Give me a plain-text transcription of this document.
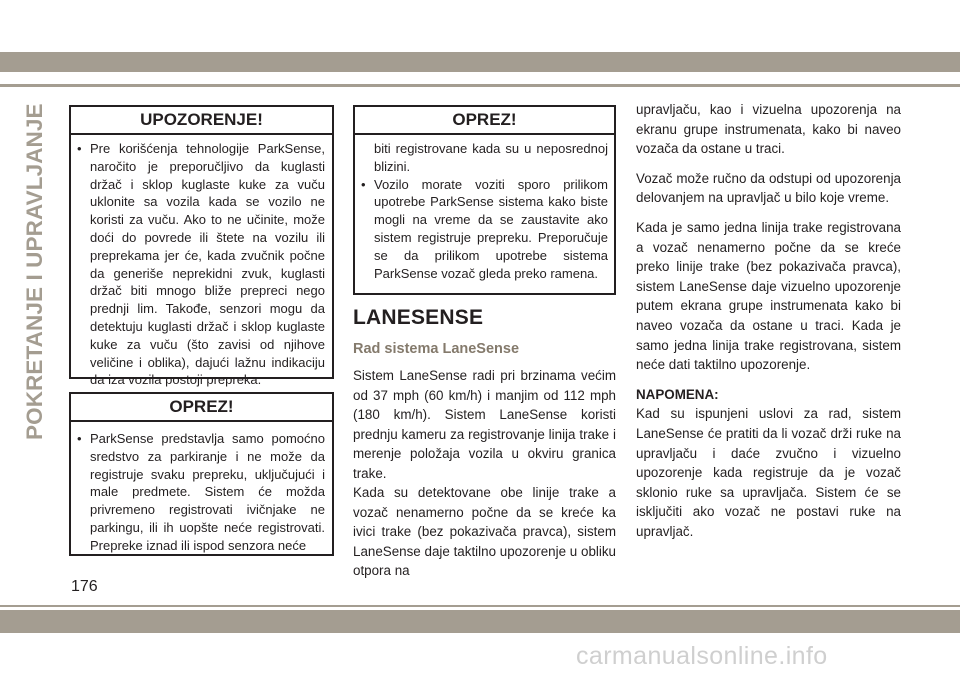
POKRETANJE I UPRAVLJANJE	UPOZORENJE!
• Pre korišćenja tehnologije ParkSense, naročito je preporučljivo da kuglasti držač i sklop kuglaste kuke za vuču uklonite sa vozila kada se vozilo ne koristi za vuču. Ako to ne učinite, može doći do povrede ili štete na vozilu ili preprekama jer će, kada zvučnik počne da generiše neprekidni zvuk, kuglasti držač biti mnogo bliže prepreci nego prednji lim. Takođe, senzori mogu da detektuju kuglasti držač i sklop kuglaste kuke za vuču (što zavisi od njihove veličine i oblika), dajući lažnu indikaciju da iza vozila postoji prepreka.
OPREZ!
• ParkSense predstavlja samo pomoćno sredstvo za parkiranje i ne može da registruje svaku prepreku, uključujući i male predmete. Sistem će možda privremeno registrovati ivičnjake ne parkingu, ili ih uopšte neće registrovati. Prepreke iznad ili ispod senzora neće
OPREZ!
biti registrovane kada su u neposrednoj blizini.
• Vozilo morate voziti sporo prilikom upotrebe ParkSense sistema kako biste mogli na vreme da se zaustavite ako sistem registruje prepreku. Preporučuje se da prilikom upotrebe sistema ParkSense vozač gleda preko ramena.
LANESENSE
Rad sistema LaneSense

Sistem LaneSense radi pri brzinama većim od 37 mph (60 km/h) i manjim od 112 mph (180 km/h). Sistem LaneSense koristi prednju kameru za registrovanje linija trake i merenje položaja vozila u okviru granica trake.

Kada su detektovane obe linije trake a vozač nenamerno počne da se kreće ka ivici trake (bez pokazivača pravca), sistem LaneSense daje taktilno upozorenje u obliku otpora na

upravljaču, kao i vizuelna upozorenja na ekranu grupe instrumenata, kako bi naveo vozača da ostane u traci.

Vozač može ručno da odstupi od upozorenja delovanjem na upravljač u bilo koje vreme.

Kada je samo jedna linija trake registrovana a vozač nenamerno počne da se kreće preko linije trake (bez pokazivača pravca), sistem LaneSense daje vizuelno upozorenje putem ekrana grupe instrumenata kako bi naveo vozača da ostane u traci. Kada je samo jedna linija trake registrovana, sistem neće dati taktilno upozorenje.

NAPOMENA:

Kad su ispunjeni uslovi za rad, sistem LaneSense će pratiti da li vozač drži ruke na upravljaču i daće zvučno i vizuelno upozorenje kada registruje da je vozač sklonio ruke sa upravljača. Sistem će se isključiti ako vozač ne postavi ruke na upravljač.

176
carmanualsonline.info
